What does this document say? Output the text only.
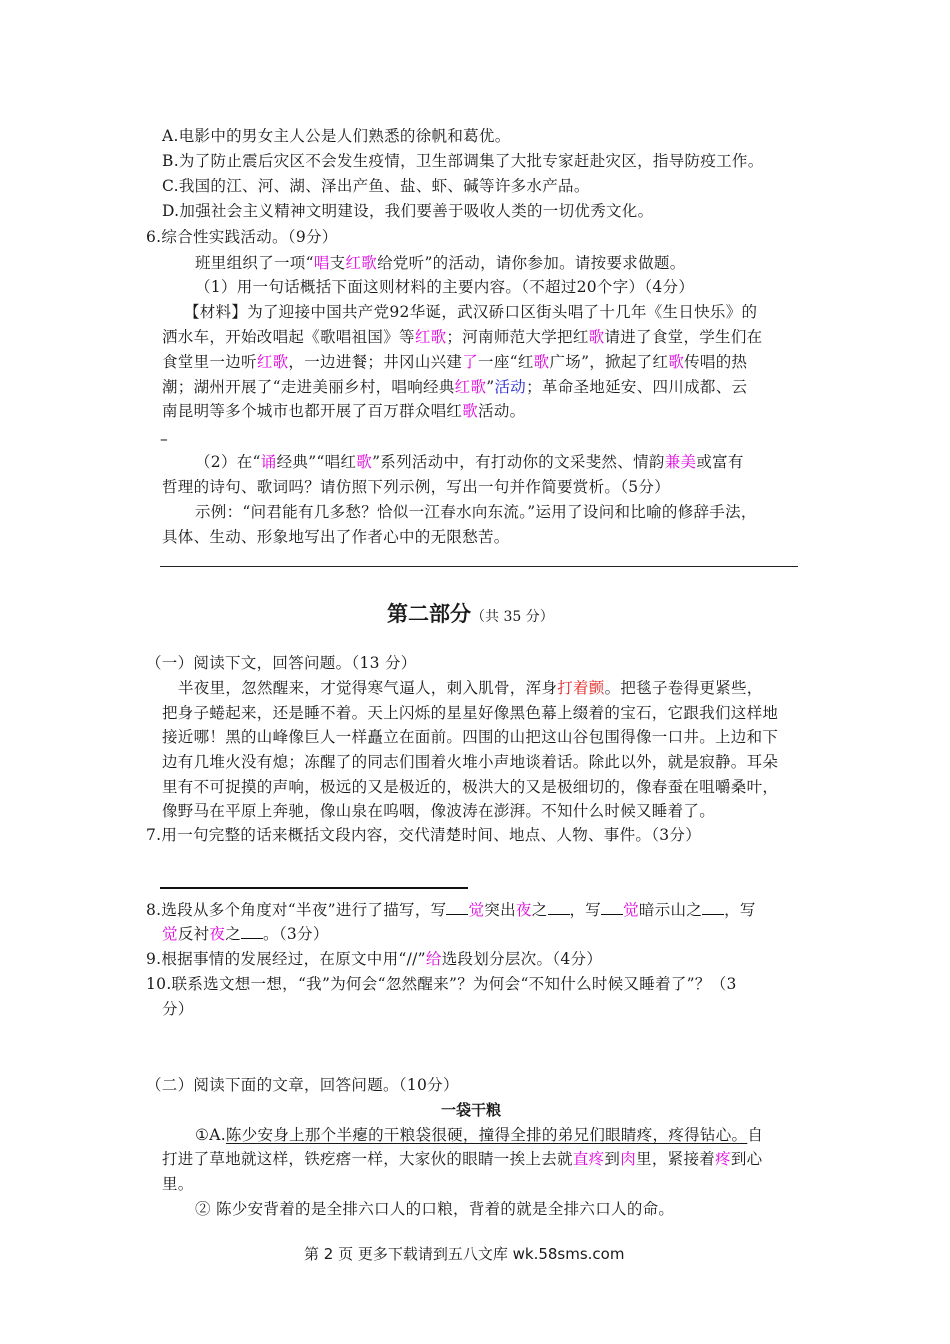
A.电影中的男女主人公是人们熟悉的徐帆和葛优。
B.为了防止震后灾区不会发生疫情，卫生部调集了大批专家赶赴灾区，指导防疫工作。
C.我国的江、河、湖、泽出产鱼、盐、虾、碱等许多水产品。
D.加强社会主义精神文明建设，我们要善于吸收人类的一切优秀文化。
6.综合性实践活动。（9分）
班里组织了一项“唱支红歌给党听”的活动，请你参加。请按要求做题。
（1）用一句话概括下面这则材料的主要内容。（不超过20个字）（4分）
【材料】为了迎接中国共产党92华诞，武汉硚口区街头唱了十几年《生日快乐》的
洒水车，开始改唱起《歌唱祖国》等红歌；河南师范大学把红歌请进了食堂，学生们在
食堂里一边听红歌，一边进餐；井冈山兴建了一座“红歌广场”，掀起了红歌传唱的热
潮；湖州开展了“走进美丽乡村，唱响经典红歌”活动；革命圣地延安、四川成都、云
南昆明等多个城市也都开展了百万群众唱红歌活动。
–
（2）在“诵经典”“唱红歌”系列活动中，有打动你的文采斐然、情韵兼美或富有
哲理的诗句、歌词吗？请仿照下列示例，写出一句并作简要赏析。（5分）
示例：“问君能有几多愁？恰似一江春水向东流。”运用了设问和比喻的修辞手法，
具体、生动、形象地写出了作者心中的无限愁苦。
第二部分（共 35 分）
（一）阅读下文，回答问题。（13 分）
半夜里，忽然醒来，才觉得寒气逼人，刺入肌骨，浑身打着颤。把毯子卷得更紧些，
把身子蜷起来，还是睡不着。天上闪烁的星星好像黑色幕上缀着的宝石，它跟我们这样地
接近哪！黑的山峰像巨人一样矗立在面前。四围的山把这山谷包围得像一口井。上边和下
边有几堆火没有熄；冻醒了的同志们围着火堆小声地谈着话。除此以外，就是寂静。耳朵
里有不可捉摸的声响，极远的又是极近的，极洪大的又是极细切的，像春蚕在咀嚼桑叶，
像野马在平原上奔驰，像山泉在呜咽，像波涛在澎湃。不知什么时候又睡着了。
7.用一句完整的话来概括文段内容，交代清楚时间、地点、人物、事件。（3分）
8.选段从多个角度对“半夜”进行了描写，写 觉突出夜之 ，写 觉暗示山之 ，写
觉反衬夜之 。（3分）
9.根据事情的发展经过，在原文中用“//”给选段划分层次。（4分）
10.联系选文想一想，“我”为何会“忽然醒来”？为何会“不知什么时候又睡着了”？（3
分）
（二）阅读下面的文章，回答问题。（10分）
一袋干粮
①A.陈少安身上那个半瘪的干粮袋很硬，撞得全排的弟兄们眼睛疼，疼得钻心。自
打进了草地就这样，铁疙瘩一样，大家伙的眼睛一挨上去就直疼到肉里，紧接着疼到心
里。
② 陈少安背着的是全排六口人的口粮，背着的就是全排六口人的命。
第 2 页 更多下载请到五八文库 wk.58sms.com
